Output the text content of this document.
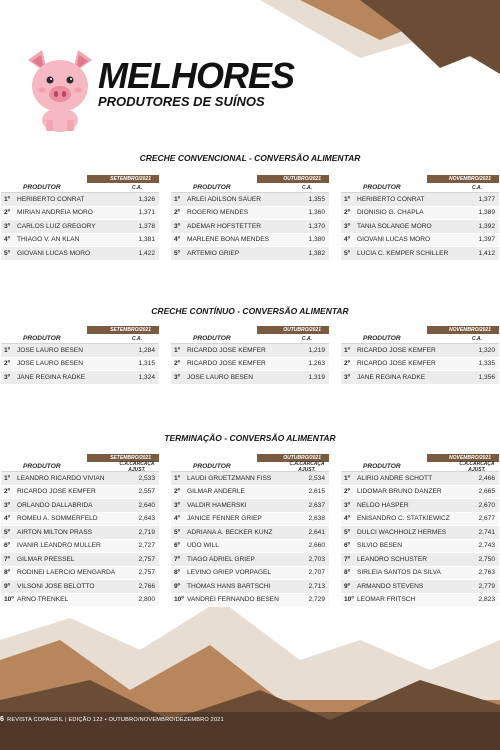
MELHORES
PRODUTORES DE SUÍNOS
CRECHE CONVENCIONAL - CONVERSÃO ALIMENTAR
SETEMBRO/2021
PRODUTOR	C.A.
1º	HERIBERTO CONRAT	1,326
2º	MIRIAN ANDREIA MORO	1,371
3º	CARLOS LUIZ GREGORY	1,378
4º	THIAGO V. AN KLAN	1,381
5º	GIOVANI LUCAS MORO	1,422
OUTUBRO/2021
PRODUTOR	C.A.
1º	ARLEI ADILSON SAUER	1,355
2º	ROGERIO MENDES	1,360
3º	ADEMAR HOFSTETTER	1,370
4º	MARLENE BONA MENDES	1,380
5º	ARTEMIO GRIEP	1,382
NOVEMBRO/2021
PRODUTOR	C.A.
1º	HERIBERTO CONRAT	1,377
2º	DIONISIO G. CHAPLA	1,389
3º	TANIA SOLANGE MORO	1,392
4º	GIOVANI LUCAS MORO	1,397
5º	LUCIA C. KEMPER SCHILLER	1,412
CRECHE CONTÍNUO - CONVERSÃO ALIMENTAR
SETEMBRO/2021
PRODUTOR	C.A.
1º	JOSE LAURO BESEN	1,284
2º	JOSE LAURO BESEN	1,315
3º	JANE REGINA RADKE	1,324
OUTUBRO/2021
PRODUTOR	C.A.
1º	RICARDO JOSE KEMFER	1,219
2º	RICARDO JOSE KEMFER	1,263
3º	JOSE LAURO BESEN	1,319
NOVEMBRO/2021
PRODUTOR	C.A.
1º	RICARDO JOSE KEMFER	1,320
2º	RICARDO JOSE KEMFER	1,335
3º	JANE REGINA RADKE	1,356
TERMINAÇÃO - CONVERSÃO ALIMENTAR
SETEMBRO/2021
PRODUTOR	C.A.CARCAÇA AJUST.
1º	LEANDRO RICARDO VIVIAN	2,533
2º	RICARDO JOSE KEMFER	2,557
3º	ORLANDO DALLABRIDA	2,640
4º	ROMEU A. SOMMERFELD	2,643
5º	AIRTON MILTON PRASS	2,719
6º	IVANIR LEANDRO MULLER	2,727
7º	GILMAR PRESSEL	2,757
8º	RODINEI LAERCIO MENGARDA	2,757
9º	VILSONI JOSE BELOTTO	2,766
10º ARNO TRENKEL	2,800
OUTUBRO/2021
PRODUTOR	C.A.CARCAÇA AJUST.
1º	LAUDI GRUETZMANN FISS	2,534
2º	GILMAR ANDERLE	2,615
3º	VALDIR HAMERSKI	2,637
4º	JANICE FENNER GRIEP	2,638
5º	ADRIANA A. BECKER KUNZ	2,641
6º	UDO WILL	2,660
7º	TIAGO ADRIEL GRIEP	2,703
8º	LEVINO GRIEP VORPAGEL	2,707
9º	THOMAS HANS BARTSCHI	2,713
10º VANDREI FERNANDO BESEN	2,729
NOVEMBRO/2021
PRODUTOR	C.A.CARCAÇA AJUST.
1º	ALIRIO ANDRE SCHOTT	2,466
2º	LIDOMAR BRUNO DANZER	2,665
3º	NELDO HASPER	2,670
4º	ENISANDRO C. STATKIEWICZ	2,677
5º	DULCI WACHHOLZ HERMES	2,741
6º	SILVIO BESEN	2,743
7º	LEANDRO SCHUSTER	2,750
8º	SIRLEIA SANTOS DA SILVA	2,763
9º	ARMANDO STEVENS	2,779
10º LEOMAR FRITSCH	2,823
6 REVISTA COPAGRIL | EDIÇÃO 122 • OUTUBRO/NOVEMBRO/DEZEMBRO 2021
